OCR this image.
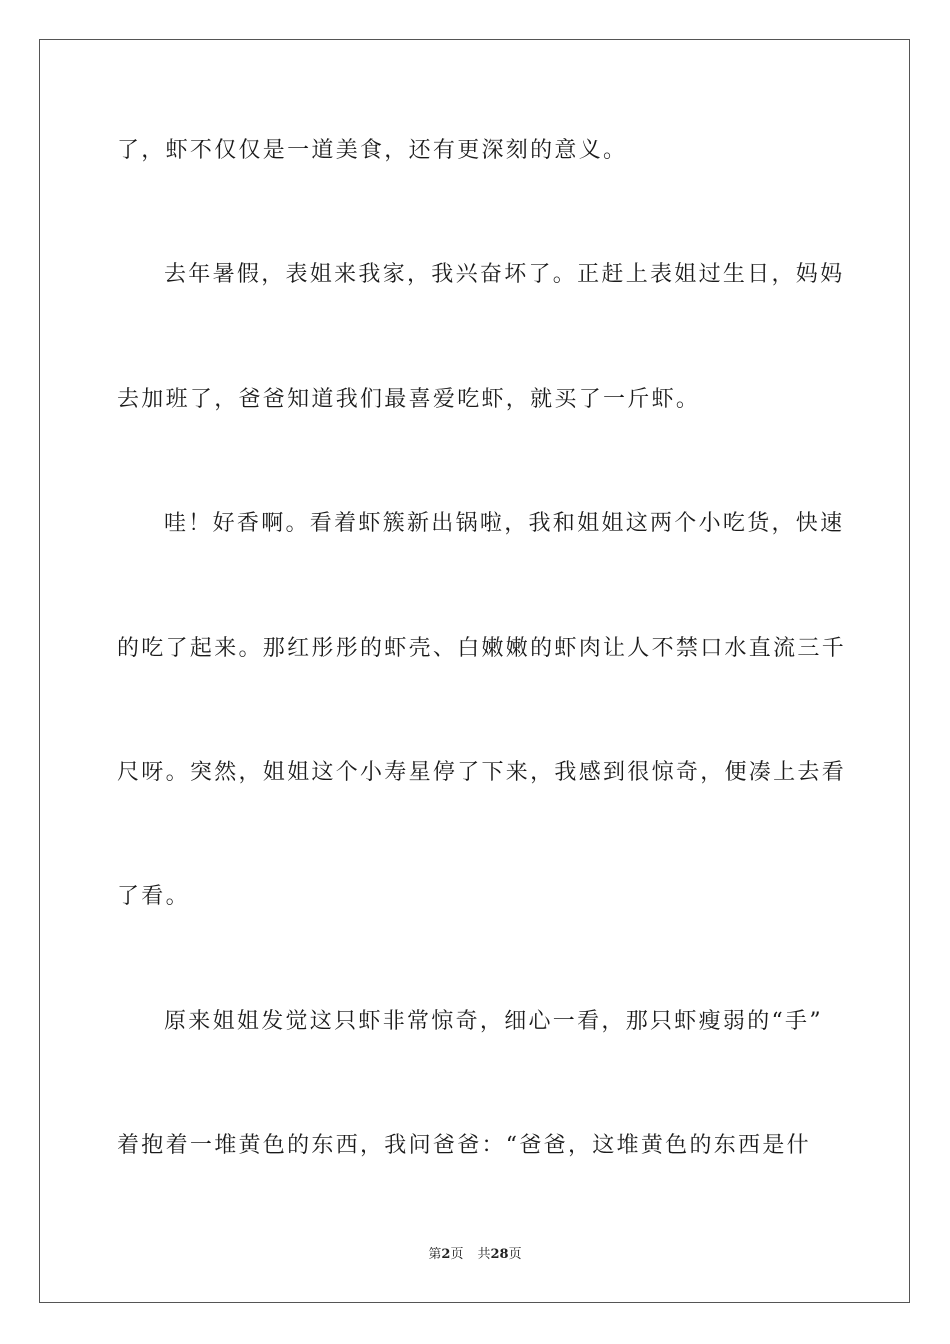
了，虾不仅仅是一道美食，还有更深刻的意义。
去年暑假，表姐来我家，我兴奋坏了。正赶上表姐过生日，妈妈
去加班了，爸爸知道我们最喜爱吃虾，就买了一斤虾。
哇！好香啊。看着虾簇新出锅啦，我和姐姐这两个小吃货，快速
的吃了起来。那红彤彤的虾壳、白嫩嫩的虾肉让人不禁口水直流三千
尺呀。突然，姐姐这个小寿星停了下来，我感到很惊奇，便凑上去看
了看。
原来姐姐发觉这只虾非常惊奇，细心一看，那只虾瘦弱的“手”
着抱着一堆黄色的东西，我问爸爸：“爸爸，这堆黄色的东西是什
第2页 共28页
